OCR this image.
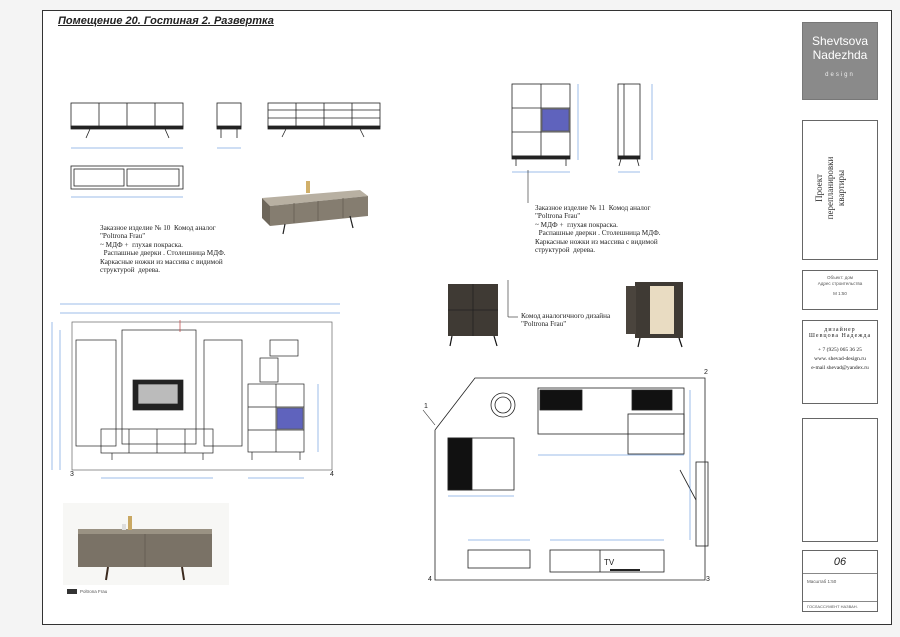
Помещение 20. Гостиная 2. Развертка
1
2
3
4
TV
3	4
Заказное изделие № 10  Комод аналог
"Poltrona Frau"
~ МДФ +  глухая покраска.
Распашные дверки . Столешница МДФ.
Каркасные ножки из массива с видимой
структурой  дерева.
Заказное изделие № 11  Комод аналог
"Poltrona Frau"
~ МДФ +  глухая покраска.
Распашные дверки . Столешница МДФ.
Каркасные ножки из массива с видимой
структурой  дерева.
Комод аналогичного дизайна
"Poltrona Frau"
Poltrona Frau
Shevtsova
Nadezhda
design
Проект перепланировки квартиры
Объект: дом
Адрес строительства
М 1:50
дизайнер
Шевцова Надежда
+ 7 (925) 065 36 25
www. shevad-design.ru
e-mail shevad@yandex.ru
06
Масштаб 1:50
ГОСЛАССУМЕНТ НАЗВАН.
